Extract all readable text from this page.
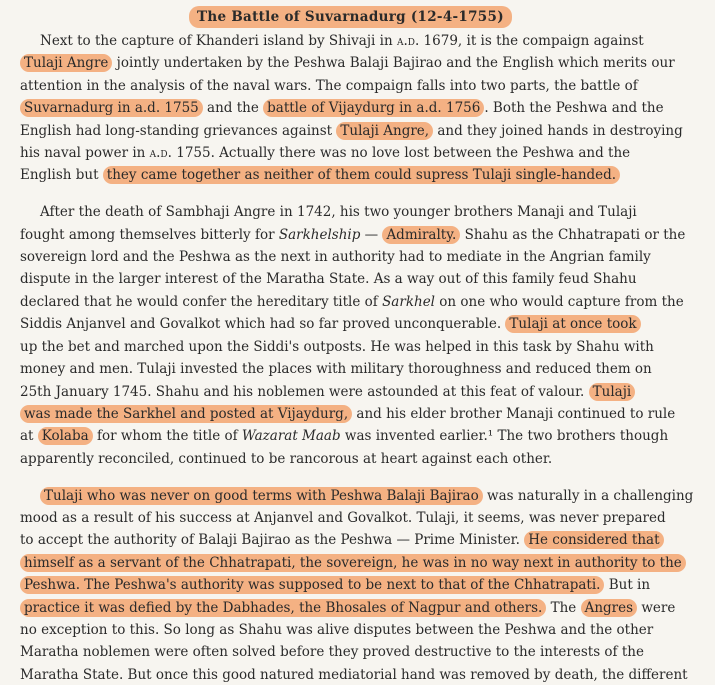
The Battle of Suvarnadurg (12-4-1755)
Next to the capture of Khanderi island by Shivaji in a.d. 1679, it is the compaign against
Tulaji Angre jointly undertaken by the Peshwa Balaji Bajirao and the English which merits our
attention in the analysis of the naval wars. The compaign falls into two parts, the battle of
Suvarnadurg in a.d. 1755 and the battle of Vijaydurg in a.d. 1756 . Both the Peshwa and the
English had long-standing grievances against Tulaji Angre, and they joined hands in destroying
his naval power in a.d. 1755. Actually there was no love lost between the Peshwa and the
English but they came together as neither of them could supress Tulaji single-handed.
After the death of Sambhaji Angre in 1742, his two younger brothers Manaji and Tulaji
fought among themselves bitterly for Sarkhelship — Admiralty. Shahu as the Chhatrapati or the
sovereign lord and the Peshwa as the next in authority had to mediate in the Angrian family
dispute in the larger interest of the Maratha State. As a way out of this family feud Shahu
declared that he would confer the hereditary title of Sarkhel on one who would capture from the
Siddis Anjanvel and Govalkot which had so far proved unconquerable. Tulaji at once took
up the bet and marched upon the Siddi's outposts. He was helped in this task by Shahu with
money and men. Tulaji invested the places with military thoroughness and reduced them on
25th January 1745. Shahu and his noblemen were astounded at this feat of valour. Tulaji
was made the Sarkhel and posted at Vijaydurg, and his elder brother Manaji continued to rule
at Kolaba for whom the title of Wazarat Maab was invented earlier.¹ The two brothers though
apparently reconciled, continued to be rancorous at heart against each other.
Tulaji who was never on good terms with Peshwa Balaji Bajirao was naturally in a challenging
mood as a result of his success at Anjanvel and Govalkot. Tulaji, it seems, was never prepared
to accept the authority of Balaji Bajirao as the Peshwa — Prime Minister. He considered that
himself as a servant of the Chhatrapati, the sovereign, he was in no way next in authority to the
Peshwa. The Peshwa's authority was supposed to be next to that of the Chhatrapati. But in
practice it was defied by the Dabhades, the Bhosales of Nagpur and others. The Angres were
no exception to this. So long as Shahu was alive disputes between the Peshwa and the other
Maratha noblemen were often solved before they proved destructive to the interests of the
Maratha State. But once this good natured mediatorial hand was removed by death, the different
